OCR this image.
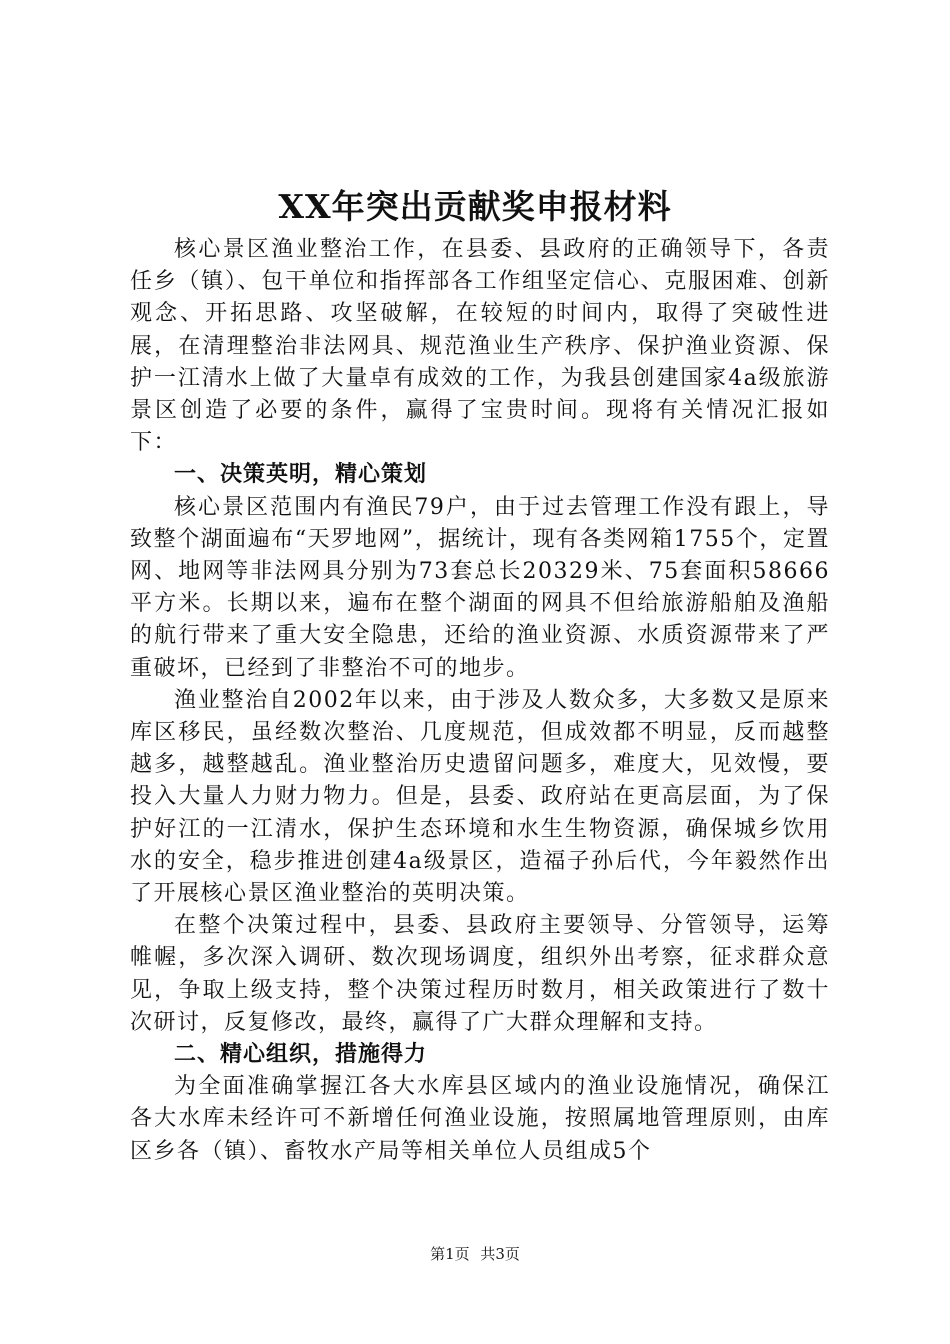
XX年突出贡献奖申报材料

核心景区渔业整治工作，在县委、县政府的正确领导下，各责任乡（镇）、包干单位和指挥部各工作组坚定信心、克服困难、创新观念、开拓思路、攻坚破解，在较短的时间内，取得了突破性进展，在清理整治非法网具、规范渔业生产秩序、保护渔业资源、保护一江清水上做了大量卓有成效的工作，为我县创建国家4a级旅游景区创造了必要的条件，赢得了宝贵时间。现将有关情况汇报如下：

一、决策英明，精心策划

核心景区范围内有渔民79户，由于过去管理工作没有跟上，导致整个湖面遍布“天罗地网”，据统计，现有各类网箱1755个，定置网、地网等非法网具分别为73套总长20329米、75套面积58666平方米。长期以来，遍布在整个湖面的网具不但给旅游船舶及渔船的航行带来了重大安全隐患，还给的渔业资源、水质资源带来了严重破坏，已经到了非整治不可的地步。

渔业整治自2002年以来，由于涉及人数众多，大多数又是原来库区移民，虽经数次整治、几度规范，但成效都不明显，反而越整越多，越整越乱。渔业整治历史遗留问题多，难度大，见效慢，要投入大量人力财力物力。但是，县委、政府站在更高层面，为了保护好江的一江清水，保护生态环境和水生生物资源，确保城乡饮用水的安全，稳步推进创建4a级景区，造福子孙后代，今年毅然作出了开展核心景区渔业整治的英明决策。

在整个决策过程中，县委、县政府主要领导、分管领导，运筹帷幄，多次深入调研、数次现场调度，组织外出考察，征求群众意见，争取上级支持，整个决策过程历时数月，相关政策进行了数十次研讨，反复修改，最终，赢得了广大群众理解和支持。

二、精心组织，措施得力

为全面准确掌握江各大水库县区域内的渔业设施情况，确保江各大水库未经许可不新增任何渔业设施，按照属地管理原则，由库区乡各（镇）、畜牧水产局等相关单位人员组成5个

第1页 共3页
